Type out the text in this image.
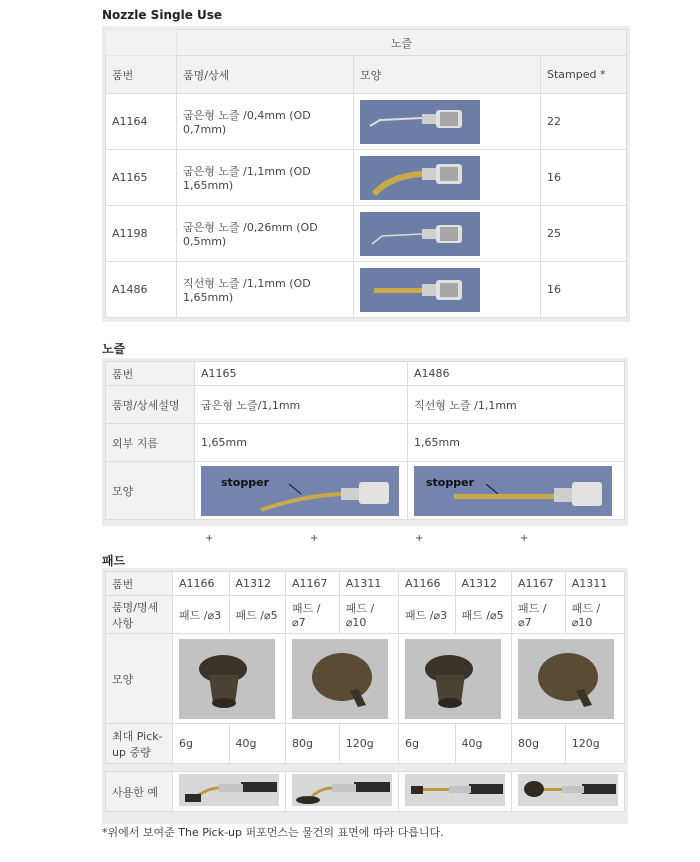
Nozzle Single Use
	노즐		
품번	품명/상세	모양	Stamped *
A1164	굽은형 노즐 /0,4mm (OD 0,7mm)		22
A1165	굽은형 노즐 /1,1mm (OD 1,65mm)		16
A1198	굽은형 노즐 /0,26mm (OD 0,5mm)		25
A1486	직선형 노즐 /1,1mm (OD 1,65mm)		16
노즐
품번	A1165	A1486
품명/상세설명	굽은형 노즐/1,1mm	직선형 노즐 /1,1mm
외부 지름	1,65mm	1,65mm
모양	stopper	stopper
+	+	+	+
패드
품번	A1166	A1312	A1167	A1311	A1166	A1312	A1167	A1311
품명/명세사항	패드 /⌀3	패드 /⌀5	패드 /⌀7	패드 /⌀10	패드 /⌀3	패드 /⌀5	패드 /⌀7	패드 /⌀10
모양	

최대 Pick-up 중량	6g	40g	80g	120g	6g	40g	80g	120g

사용한 예				
*위에서 보여준 The Pick-up 퍼포먼스는 물건의 표면에 따라 다릅니다.
